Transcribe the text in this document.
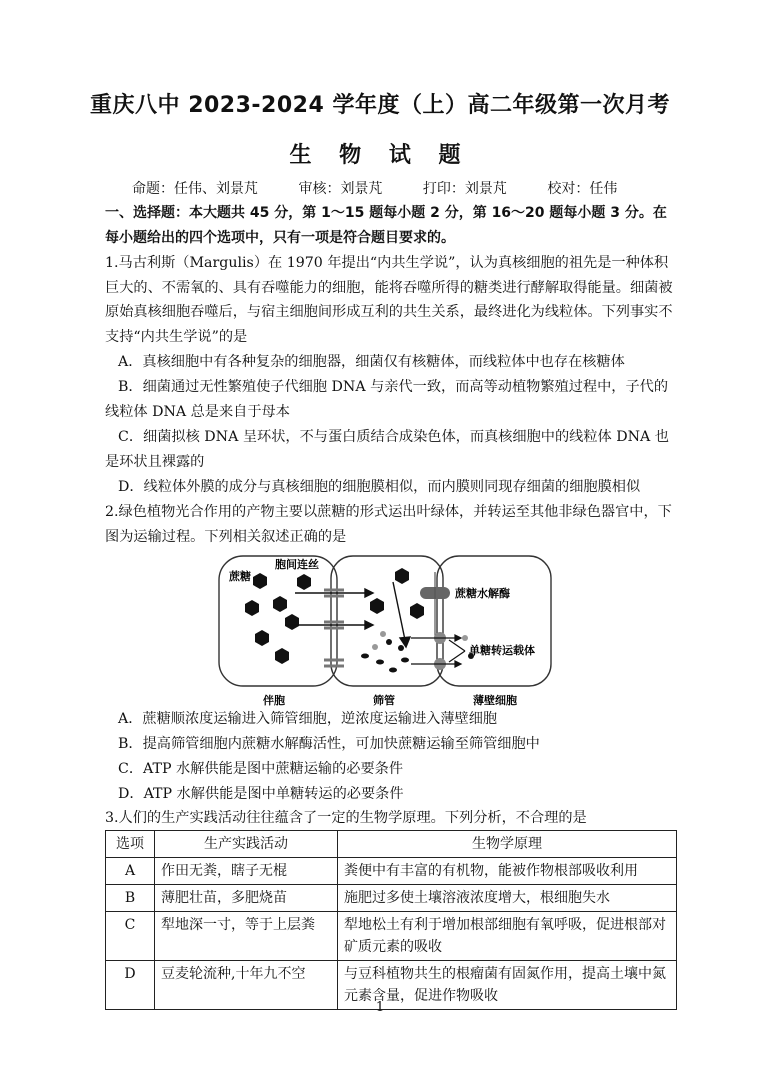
重庆八中 2023-2024 学年度（上）高二年级第一次月考
生 物 试 题
命题：任伟、刘景芃	审核：刘景芃	打印：刘景芃	校对：任伟
一、选择题：本大题共 45 分，第 1～15 题每小题 2 分，第 16～20 题每小题 3 分。在
每小题给出的四个选项中，只有一项是符合题目要求的。
1.马古利斯（Margulis）在 1970 年提出“内共生学说”，认为真核细胞的祖先是一种体积巨大的、不需氧的、具有吞噬能力的细胞，能将吞噬所得的糖类进行酵解取得能量。细菌被原始真核细胞吞噬后，与宿主细胞间形成互利的共生关系，最终进化为线粒体。下列事实不支持“内共生学说”的是
A．真核细胞中有各种复杂的细胞器，细菌仅有核糖体，而线粒体中也存在核糖体
B．细菌通过无性繁殖使子代细胞 DNA 与亲代一致，而高等动植物繁殖过程中，子代的线粒体 DNA 总是来自于母本
C．细菌拟核 DNA 呈环状，不与蛋白质结合成染色体，而真核细胞中的线粒体 DNA 也是环状且裸露的
D．线粒体外膜的成分与真核细胞的细胞膜相似，而内膜则同现存细菌的细胞膜相似
2.绿色植物光合作用的产物主要以蔗糖的形式运出叶绿体，并转运至其他非绿色器官中，下图为运输过程。下列相关叙述正确的是
蔗糖
胞间连丝
蔗糖水解酶
单糖转运载体
伴胞	筛管	薄壁细胞
A．蔗糖顺浓度运输进入筛管细胞，逆浓度运输进入薄壁细胞
B．提高筛管细胞内蔗糖水解酶活性，可加快蔗糖运输至筛管细胞中
C．ATP 水解供能是图中蔗糖运输的必要条件
D．ATP 水解供能是图中单糖转运的必要条件
3.人们的生产实践活动往往蕴含了一定的生物学原理。下列分析，不合理的是
选项	生产实践活动	生物学原理
A	作田无粪，瞎子无棍	粪便中有丰富的有机物，能被作物根部吸收利用
B	薄肥壮苗，多肥烧苗	施肥过多使土壤溶液浓度增大，根细胞失水
C	犁地深一寸，等于上层粪	犁地松土有利于增加根部细胞有氧呼吸，促进根部对矿质元素的吸收
D	豆麦轮流种,十年九不空	与豆科植物共生的根瘤菌有固氮作用，提高土壤中氮元素含量，促进作物吸收
1
